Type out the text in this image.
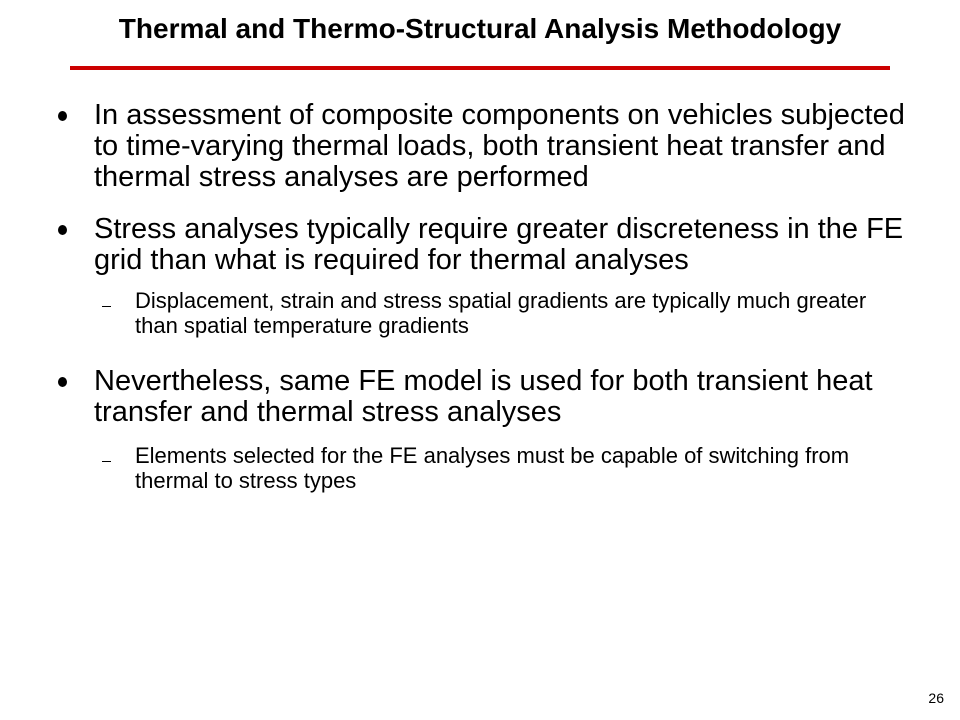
Thermal and Thermo-Structural Analysis Methodology
In assessment of composite components on vehicles subjected to time-varying thermal loads, both transient heat transfer and thermal stress analyses are performed
Stress analyses typically require greater discreteness in the FE grid than what is required for thermal analyses
Displacement, strain and stress spatial gradients are typically much greater than spatial temperature gradients
Nevertheless, same FE model is used for both transient heat transfer and thermal stress analyses
Elements selected for the FE analyses must be capable of switching from thermal to stress types
26
